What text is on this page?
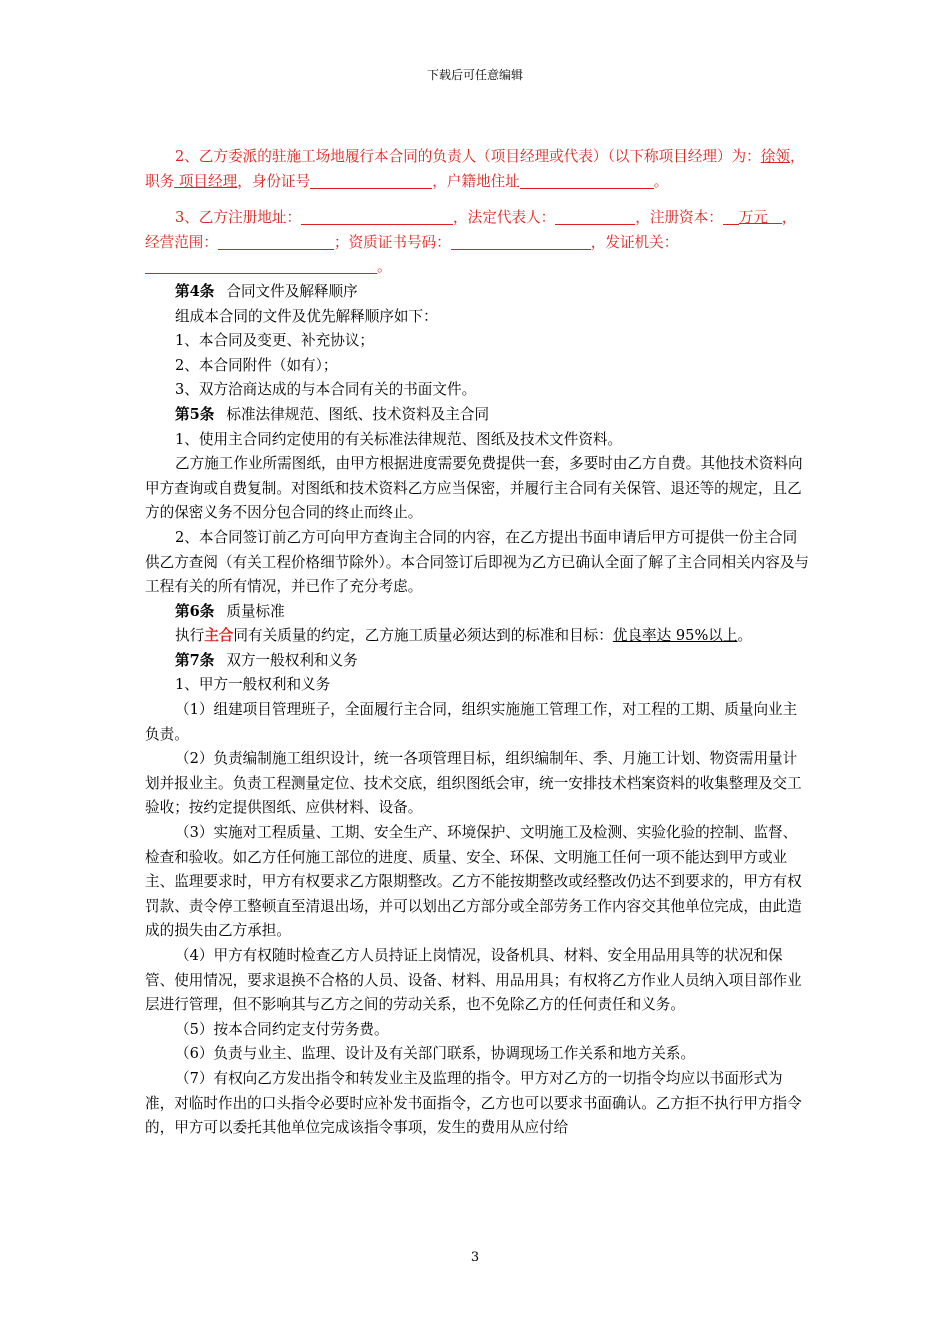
下载后可任意编辑

2、乙方委派的驻施工场地履行本合同的负责人（项目经理或代表）（以下称项目经理）为：徐领，职务 项目经理，身份证号	，户籍地住址	。

3、乙方注册地址：	，法定代表人：	，注册资本： 万元 ，经营范围：	；资质证书号码：	，发证机关：。

第4条 合同文件及解释顺序

组成本合同的文件及优先解释顺序如下：

1、本合同及变更、补充协议；

2、本合同附件（如有）；

3、双方洽商达成的与本合同有关的书面文件。

第5条 标准法律规范、图纸、技术资料及主合同

1、使用主合同约定使用的有关标准法律规范、图纸及技术文件资料。

乙方施工作业所需图纸，由甲方根据进度需要免费提供一套，多要时由乙方自费。其他技术资料向甲方查询或自费复制。对图纸和技术资料乙方应当保密，并履行主合同有关保管、退还等的规定，且乙方的保密义务不因分包合同的终止而终止。

2、本合同签订前乙方可向甲方查询主合同的内容，在乙方提出书面申请后甲方可提供一份主合同供乙方查阅（有关工程价格细节除外）。本合同签订后即视为乙方已确认全面了解了主合同相关内容及与工程有关的所有情况，并已作了充分考虑。

第6条 质量标准

执行主合同有关质量的约定，乙方施工质量必须达到的标准和目标：优良率达 95%以上。

第7条 双方一般权利和义务

1、甲方一般权利和义务

（1）组建项目管理班子，全面履行主合同，组织实施施工管理工作，对工程的工期、质量向业主负责。

（2）负责编制施工组织设计，统一各项管理目标，组织编制年、季、月施工计划、物资需用量计划并报业主。负责工程测量定位、技术交底，组织图纸会审，统一安排技术档案资料的收集整理及交工验收；按约定提供图纸、应供材料、设备。

（3）实施对工程质量、工期、安全生产、环境保护、文明施工及检测、实验化验的控制、监督、检查和验收。如乙方任何施工部位的进度、质量、安全、环保、文明施工任何一项不能达到甲方或业主、监理要求时，甲方有权要求乙方限期整改。乙方不能按期整改或经整改仍达不到要求的，甲方有权罚款、责令停工整顿直至清退出场，并可以划出乙方部分或全部劳务工作内容交其他单位完成，由此造成的损失由乙方承担。

（4）甲方有权随时检查乙方人员持证上岗情况，设备机具、材料、安全用品用具等的状况和保管、使用情况，要求退换不合格的人员、设备、材料、用品用具；有权将乙方作业人员纳入项目部作业层进行管理，但不影响其与乙方之间的劳动关系，也不免除乙方的任何责任和义务。

（5）按本合同约定支付劳务费。

（6）负责与业主、监理、设计及有关部门联系，协调现场工作关系和地方关系。

（7）有权向乙方发出指令和转发业主及监理的指令。甲方对乙方的一切指令均应以书面形式为准，对临时作出的口头指令必要时应补发书面指令，乙方也可以要求书面确认。乙方拒不执行甲方指令的，甲方可以委托其他单位完成该指令事项，发生的费用从应付给

3
